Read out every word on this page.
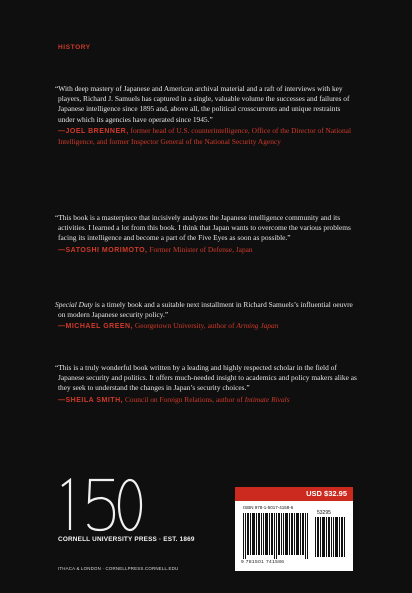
HISTORY

“With deep mastery of Japanese and American archival material and a raft of interviews with key players, Richard J. Samuels has captured in a single, valuable volume the successes and failures of Japanese intelligence since 1895 and, above all, the political crosscurrents and unique restraints under which its agencies have operated since 1945.”

—JOEL BRENNER, former head of U.S. counterintelligence, Office of the Director of National Intelligence, and former Inspector General of the National Security Agency

“This book is a masterpiece that incisively analyzes the Japanese intelligence community and its activities. I learned a lot from this book. I think that Japan wants to overcome the various problems facing its intelligence and become a part of the Five Eyes as soon as possible.”

—SATOSHI MORIMOTO, Former Minister of Defense, Japan

Special Duty is a timely book and a suitable next installment in Richard Samuels’s influential oeuvre on modern Japanese security policy.”

—MICHAEL GREEN, Georgetown University, author of Arming Japan

“This is a truly wonderful book written by a leading and highly respected scholar in the field of Japanese security and politics. It offers much-needed insight to academics and policy makers alike as they seek to understand the changes in Japan’s security choices.”

—SHEILA SMITH, Council on Foreign Relations, author of Intimate Rivals

CORNELL UNIVERSITY PRESS · EST. 1869
ITHACA & LONDON · CORNELLPRESS.CORNELL.EDU
USD $32.95
ISBN 978-1-5017-4158-6
9 781501 741586
53295
